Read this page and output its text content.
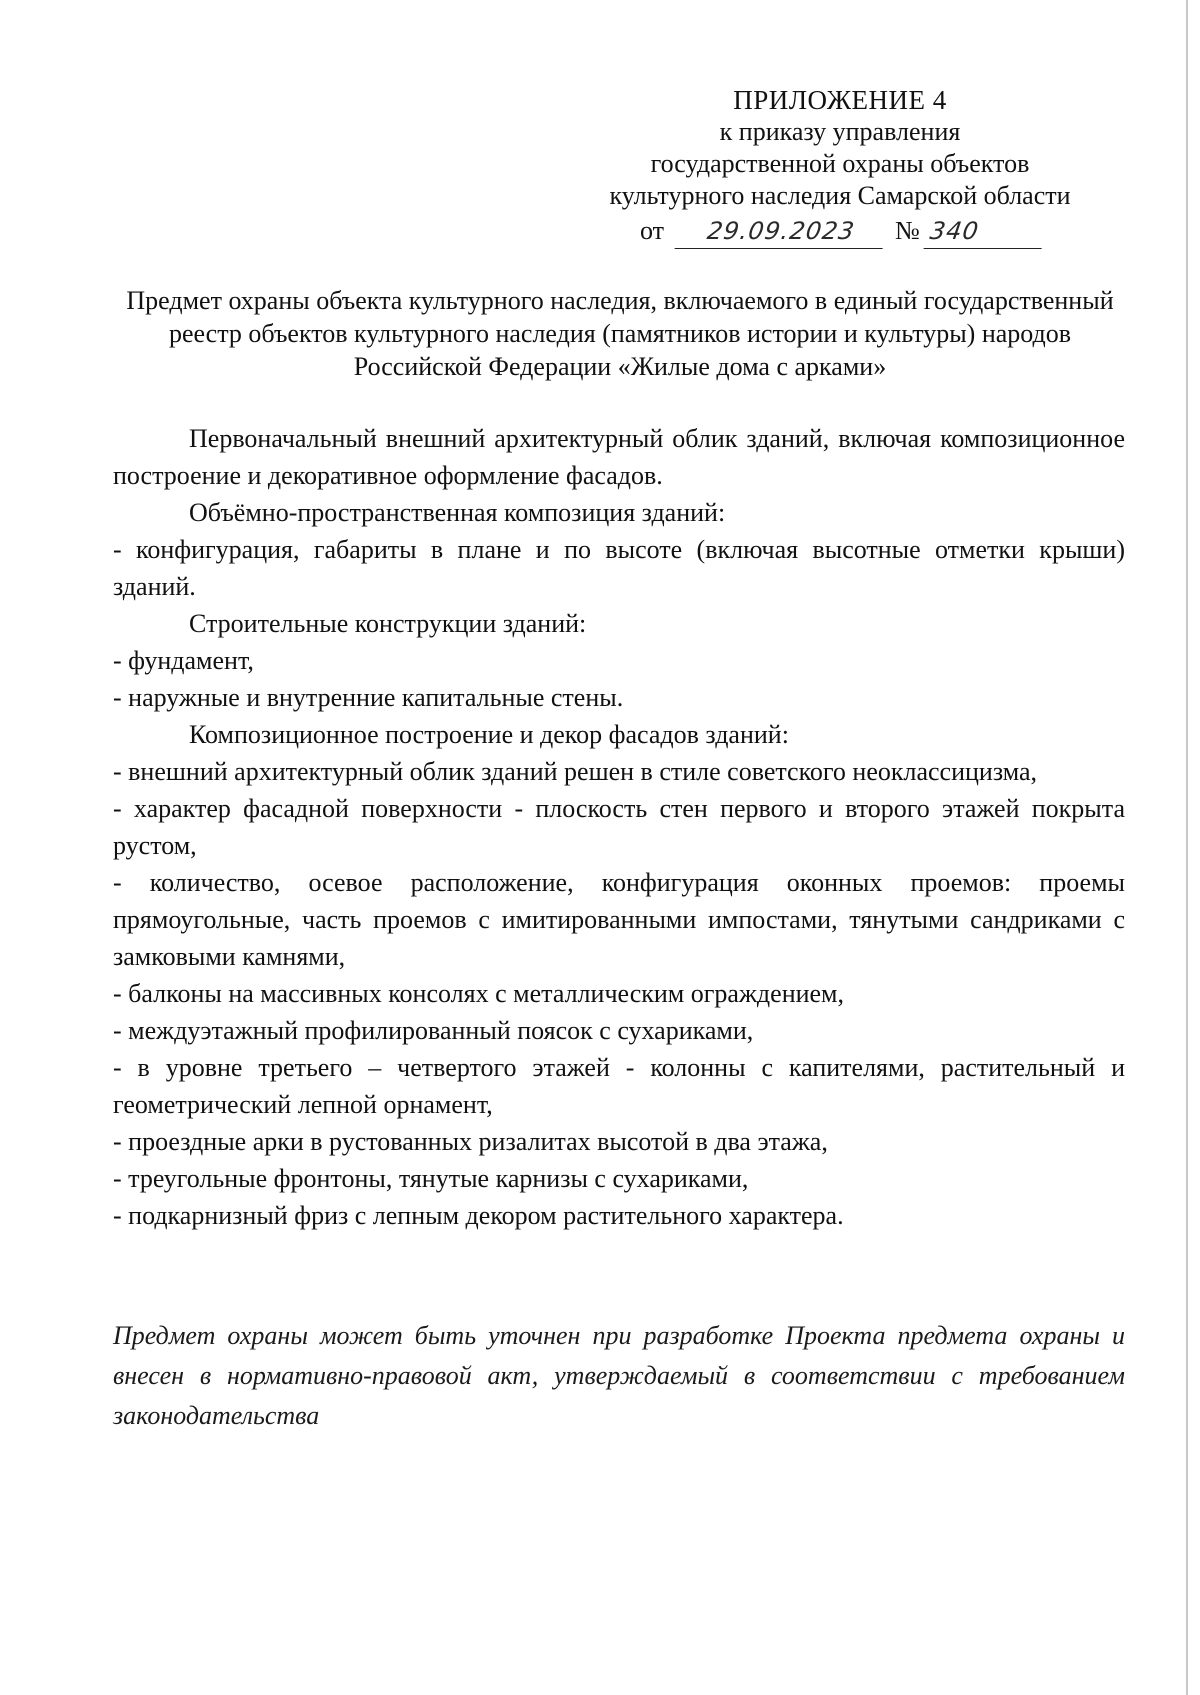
ПРИЛОЖЕНИЕ 4
к приказу управления
государственной охраны объектов
культурного наследия Самарской области
от 29.09.2023 № 340
Предмет охраны объекта культурного наследия, включаемого в единый государственный реестр объектов культурного наследия (памятников истории и культуры) народов Российской Федерации «Жилые дома с арками»

Первоначальный внешний архитектурный облик зданий, включая композиционное построение и декоративное оформление фасадов.

Объёмно-пространственная композиция зданий:

- конфигурация, габариты в плане и по высоте (включая высотные отметки крыши) зданий.

Строительные конструкции зданий:

- фундамент,

- наружные и внутренние капитальные стены.

Композиционное построение и декор фасадов зданий:

- внешний архитектурный облик зданий решен в стиле советского неоклассицизма,

- характер фасадной поверхности - плоскость стен первого и второго этажей покрыта рустом,

- количество, осевое расположение, конфигурация оконных проемов: проемы прямоугольные, часть проемов с имитированными импостами, тянутыми сандриками с замковыми камнями,

- балконы на массивных консолях с металлическим ограждением,

- междуэтажный профилированный поясок с сухариками,

- в уровне третьего – четвертого этажей - колонны с капителями, растительный и геометрический лепной орнамент,

- проездные арки в рустованных ризалитах высотой в два этажа,

- треугольные фронтоны, тянутые карнизы с сухариками,

- подкарнизный фриз с лепным декором растительного характера.

Предмет охраны может быть уточнен при разработке Проекта предмета охраны и внесен в нормативно-правовой акт, утверждаемый в соответствии с требованием законодательства
